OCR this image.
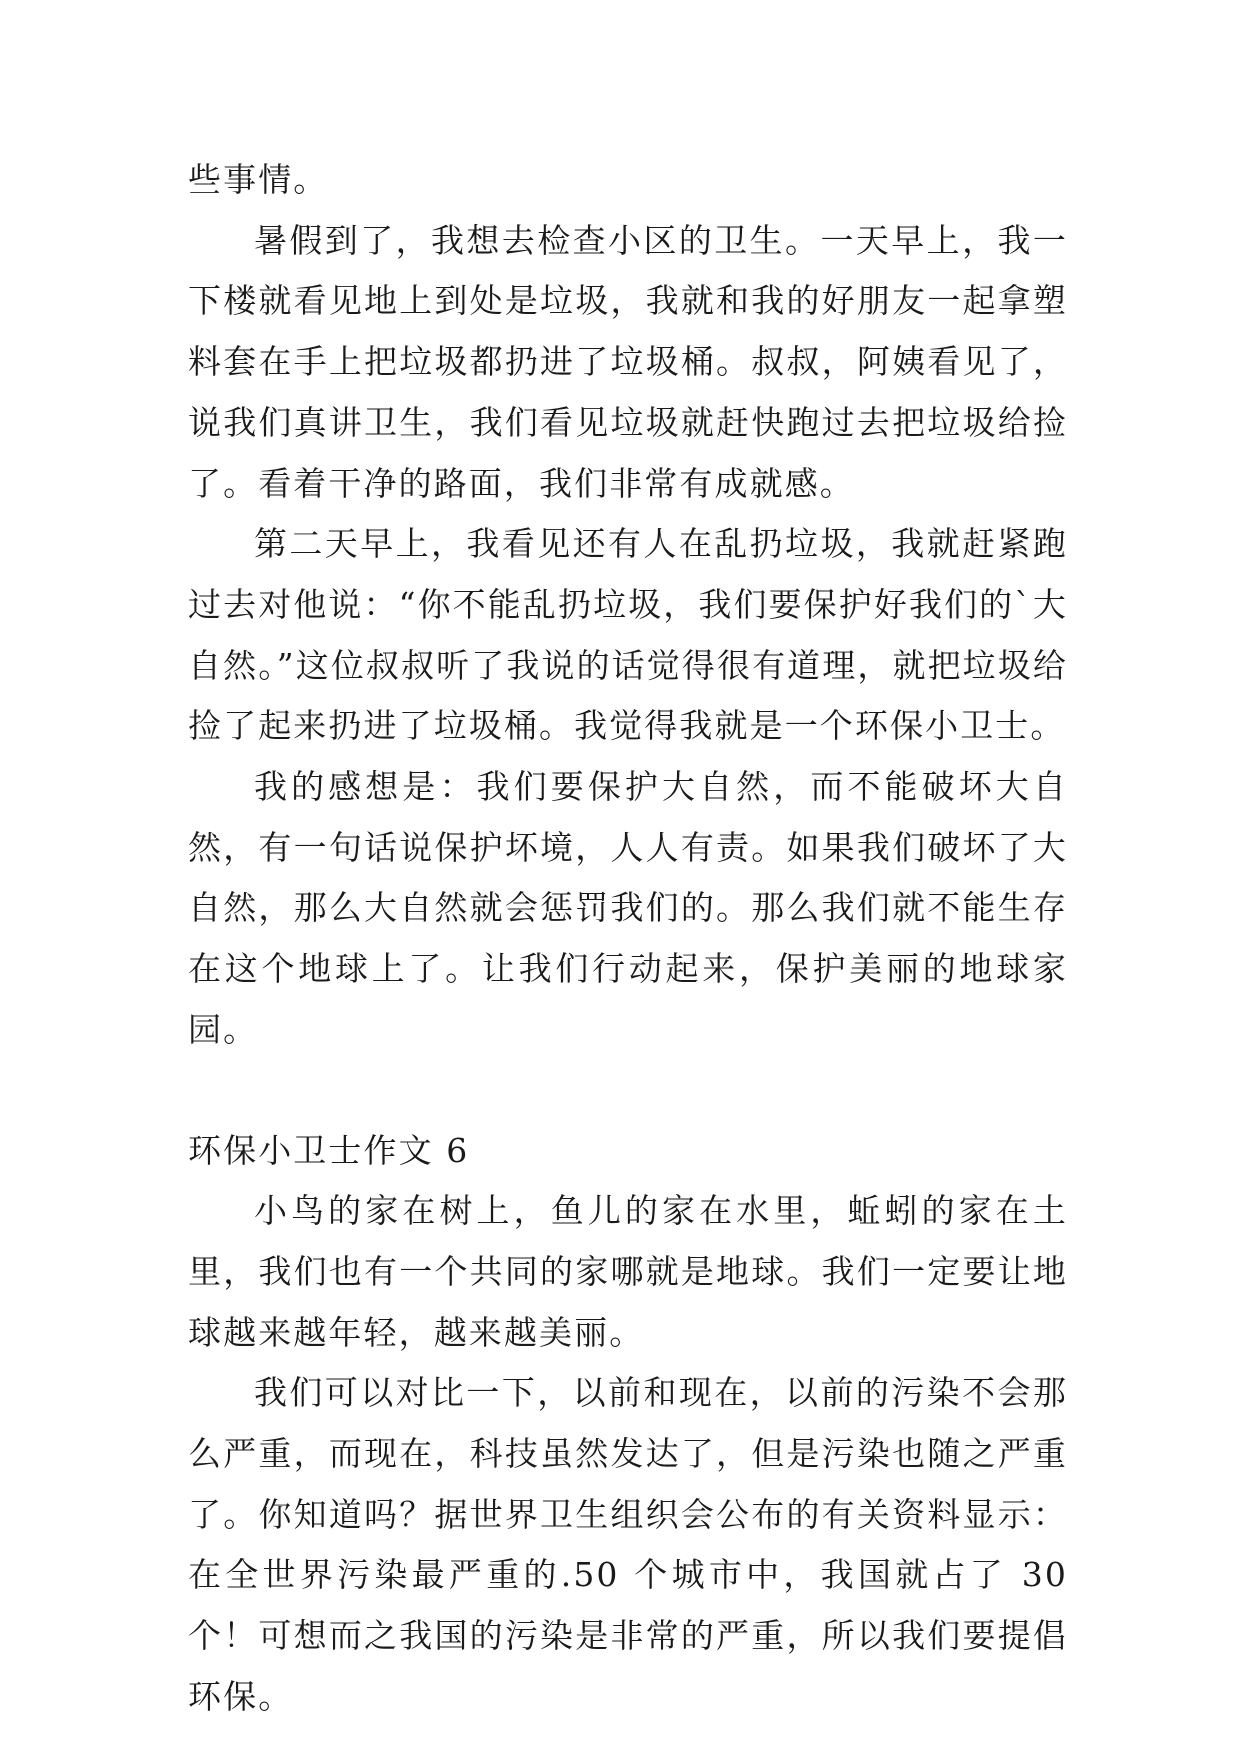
些事情。

暑假到了，我想去检查小区的卫生。一天早上，我一下楼就看见地上到处是垃圾，我就和我的好朋友一起拿塑料套在手上把垃圾都扔进了垃圾桶。叔叔，阿姨看见了，说我们真讲卫生，我们看见垃圾就赶快跑过去把垃圾给捡了。看着干净的路面，我们非常有成就感。

第二天早上，我看见还有人在乱扔垃圾，我就赶紧跑过去对他说：“你不能乱扔垃圾，我们要保护好我们的`大自然。”这位叔叔听了我说的话觉得很有道理，就把垃圾给捡了起来扔进了垃圾桶。我觉得我就是一个环保小卫士。

我的感想是：我们要保护大自然，而不能破坏大自然，有一句话说保护坏境，人人有责。如果我们破坏了大自然，那么大自然就会惩罚我们的。那么我们就不能生存在这个地球上了。让我们行动起来，保护美丽的地球家园。

环保小卫士作文 6

小鸟的家在树上，鱼儿的家在水里，蚯蚓的家在土里，我们也有一个共同的家哪就是地球。我们一定要让地球越来越年轻，越来越美丽。

我们可以对比一下，以前和现在，以前的污染不会那么严重，而现在，科技虽然发达了，但是污染也随之严重了。你知道吗？据世界卫生组织会公布的有关资料显示：在全世界污染最严重的.50 个城市中，我国就占了 30 个！可想而之我国的污染是非常的严重，所以我们要提倡环保。
